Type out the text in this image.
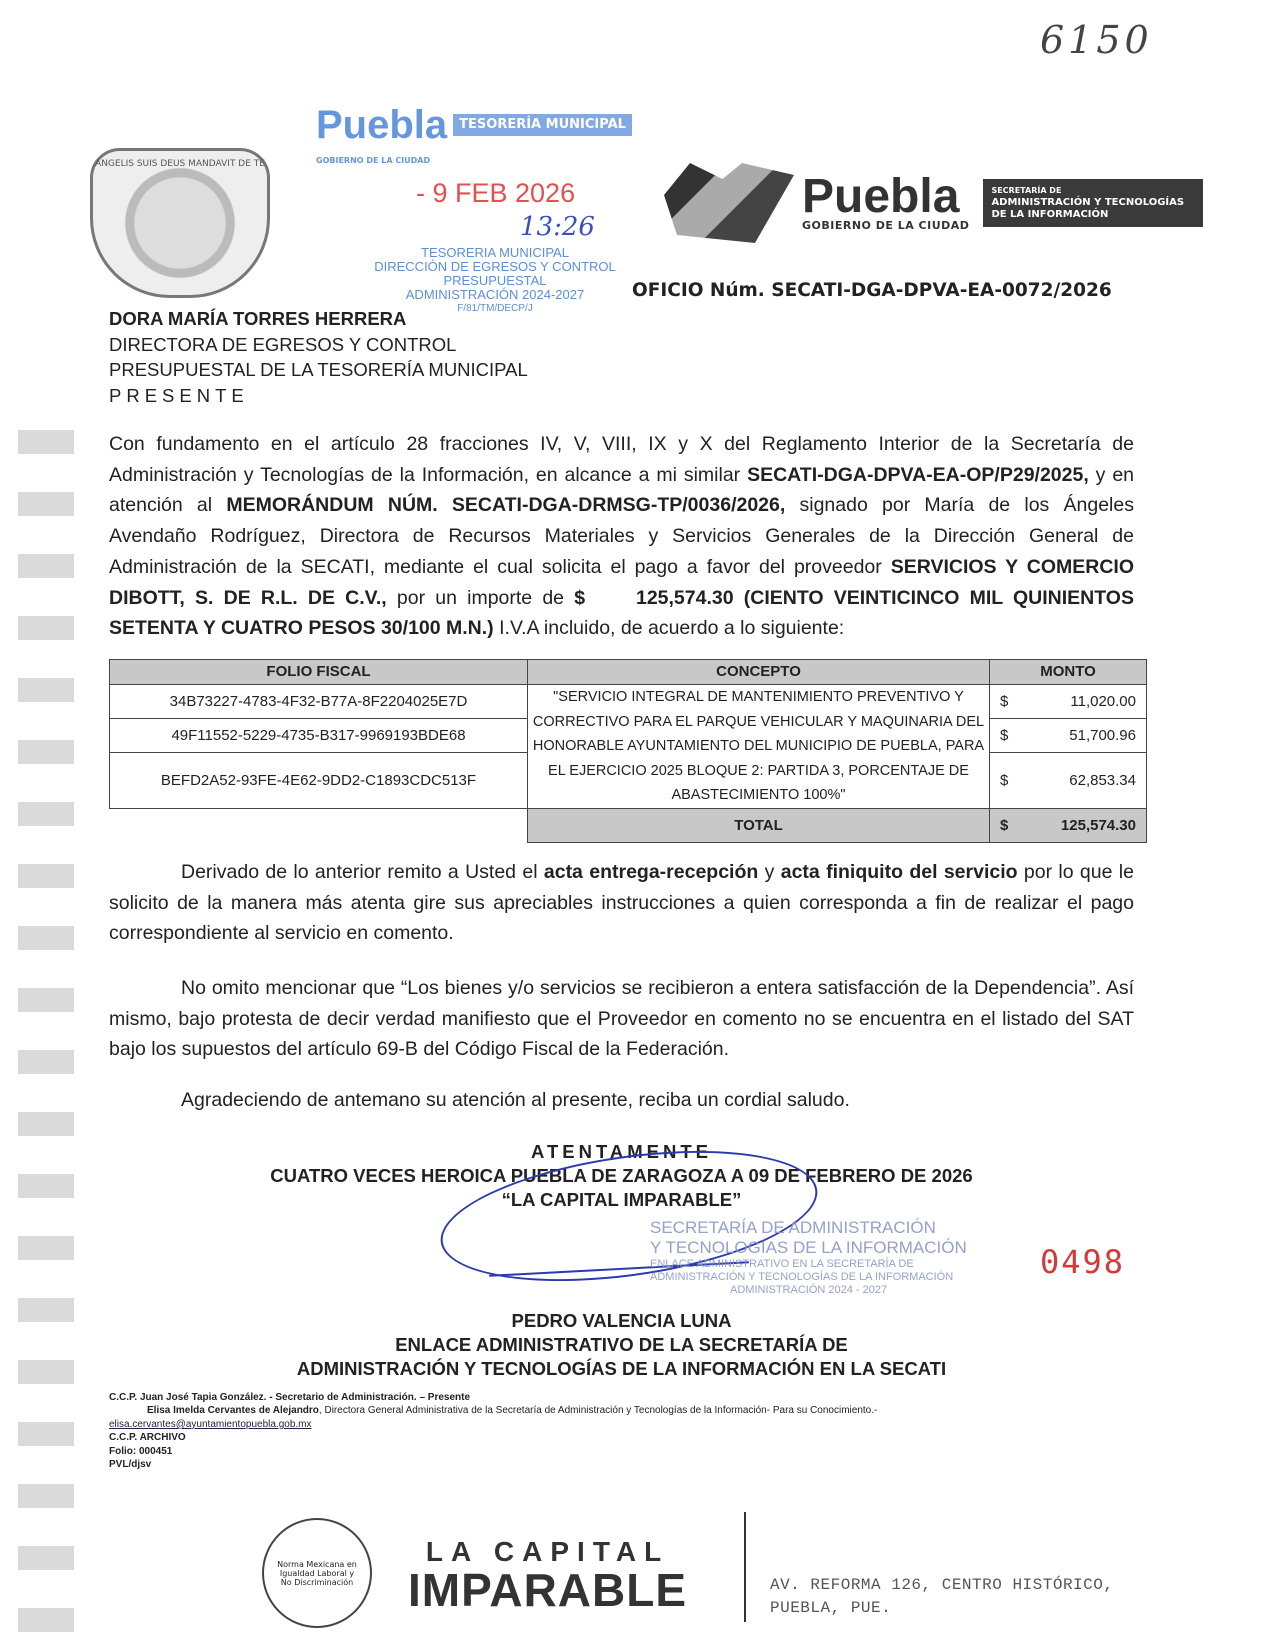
6150
ANGELIS SUIS DEUS MANDAVIT DE TE
Puebla TESORERÍA MUNICIPAL
GOBIERNO DE LA CIUDAD
- 9 FEB 2026
13:26
TESORERIA MUNICIPAL
DIRECCIÓN DE EGRESOS Y CONTROL
PRESUPUESTAL
ADMINISTRACIÓN 2024-2027
F/81/TM/DECP/J
Puebla
GOBIERNO DE LA CIUDAD
SECRETARÍA DE
ADMINISTRACIÓN Y TECNOLOGÍAS
DE LA INFORMACIÓN
OFICIO Núm. SECATI-DGA-DPVA-EA-0072/2026
DORA MARÍA TORRES HERRERA
DIRECTORA DE EGRESOS Y CONTROL
PRESUPUESTAL DE LA TESORERÍA MUNICIPAL
PRESENTE
Con fundamento en el artículo 28 fracciones IV, V, VIII, IX y X del Reglamento Interior de la Secretaría de Administración y Tecnologías de la Información, en alcance a mi similar SECATI-DGA-DPVA-EA-OP/P29/2025, y en atención al MEMORÁNDUM NÚM. SECATI-DGA-DRMSG-TP/0036/2026, signado por María de los Ángeles Avendaño Rodríguez, Directora de Recursos Materiales y Servicios Generales de la Dirección General de Administración de la SECATI, mediante el cual solicita el pago a favor del proveedor SERVICIOS Y COMERCIO DIBOTT, S. DE R.L. DE C.V., por un importe de $     125,574.30 (CIENTO VEINTICINCO MIL QUINIENTOS SETENTA Y CUATRO PESOS 30/100 M.N.) I.V.A incluido, de acuerdo a lo siguiente:
FOLIO FISCAL	CONCEPTO	MONTO	
34B73227-4783-4F32-B77A-8F2204025E7D	"SERVICIO INTEGRAL DE MANTENIMIENTO PREVENTIVO Y CORRECTIVO PARA EL PARQUE VEHICULAR Y MAQUINARIA DEL HONORABLE AYUNTAMIENTO DEL MUNICIPIO DE PUEBLA, PARA EL EJERCICIO 2025 BLOQUE 2: PARTIDA 3, PORCENTAJE DE ABASTECIMIENTO 100%"	$	11,020.00
49F11552-5229-4735-B317-9969193BDE68		$	51,700.96
BEFD2A52-93FE-4E62-9DD2-C1893CDC513F		$	62,853.34
	TOTAL	$	125,574.30
Derivado de lo anterior remito a Usted el acta entrega-recepción y acta finiquito del servicio por lo que le solicito de la manera más atenta gire sus apreciables instrucciones a quien corresponda a fin de realizar el pago correspondiente al servicio en comento.
No omito mencionar que “Los bienes y/o servicios se recibieron a entera satisfacción de la Dependencia”. Así mismo, bajo protesta de decir verdad manifiesto que el Proveedor en comento no se encuentra en el listado del SAT bajo los supuestos del artículo 69-B del Código Fiscal de la Federación.
Agradeciendo de antemano su atención al presente, reciba un cordial saludo.
ATENTAMENTE
CUATRO VECES HEROICA PUEBLA DE ZARAGOZA A 09 DE FEBRERO DE 2026
“LA CAPITAL IMPARABLE”
SECRETARÍA DE ADMINISTRACIÓN
Y TECNOLOGÍAS DE LA INFORMACIÓN
ENLACE ADMINISTRATIVO EN LA SECRETARÍA DE
ADMINISTRACIÓN Y TECNOLOGÍAS DE LA INFORMACIÓN
ADMINISTRACIÓN 2024 - 2027
0498
PEDRO VALENCIA LUNA
ENLACE ADMINISTRATIVO DE LA SECRETARÍA DE
ADMINISTRACIÓN Y TECNOLOGÍAS DE LA INFORMACIÓN EN LA SECATI
C.C.P. Juan José Tapia González. - Secretario de Administración. – Presente
Elisa Imelda Cervantes de Alejandro, Directora General Administrativa de la Secretaría de Administración y Tecnologías de la Información- Para su Conocimiento.-
elisa.cervantes@ayuntamientopuebla.gob.mx
C.C.P. ARCHIVO
Folio: 000451
PVL/djsv
Norma Mexicana en Igualdad Laboral y No Discriminación
LA CAPITAL
IMPARABLE	AV. REFORMA 126, CENTRO HISTÓRICO,
PUEBLA, PUE.
